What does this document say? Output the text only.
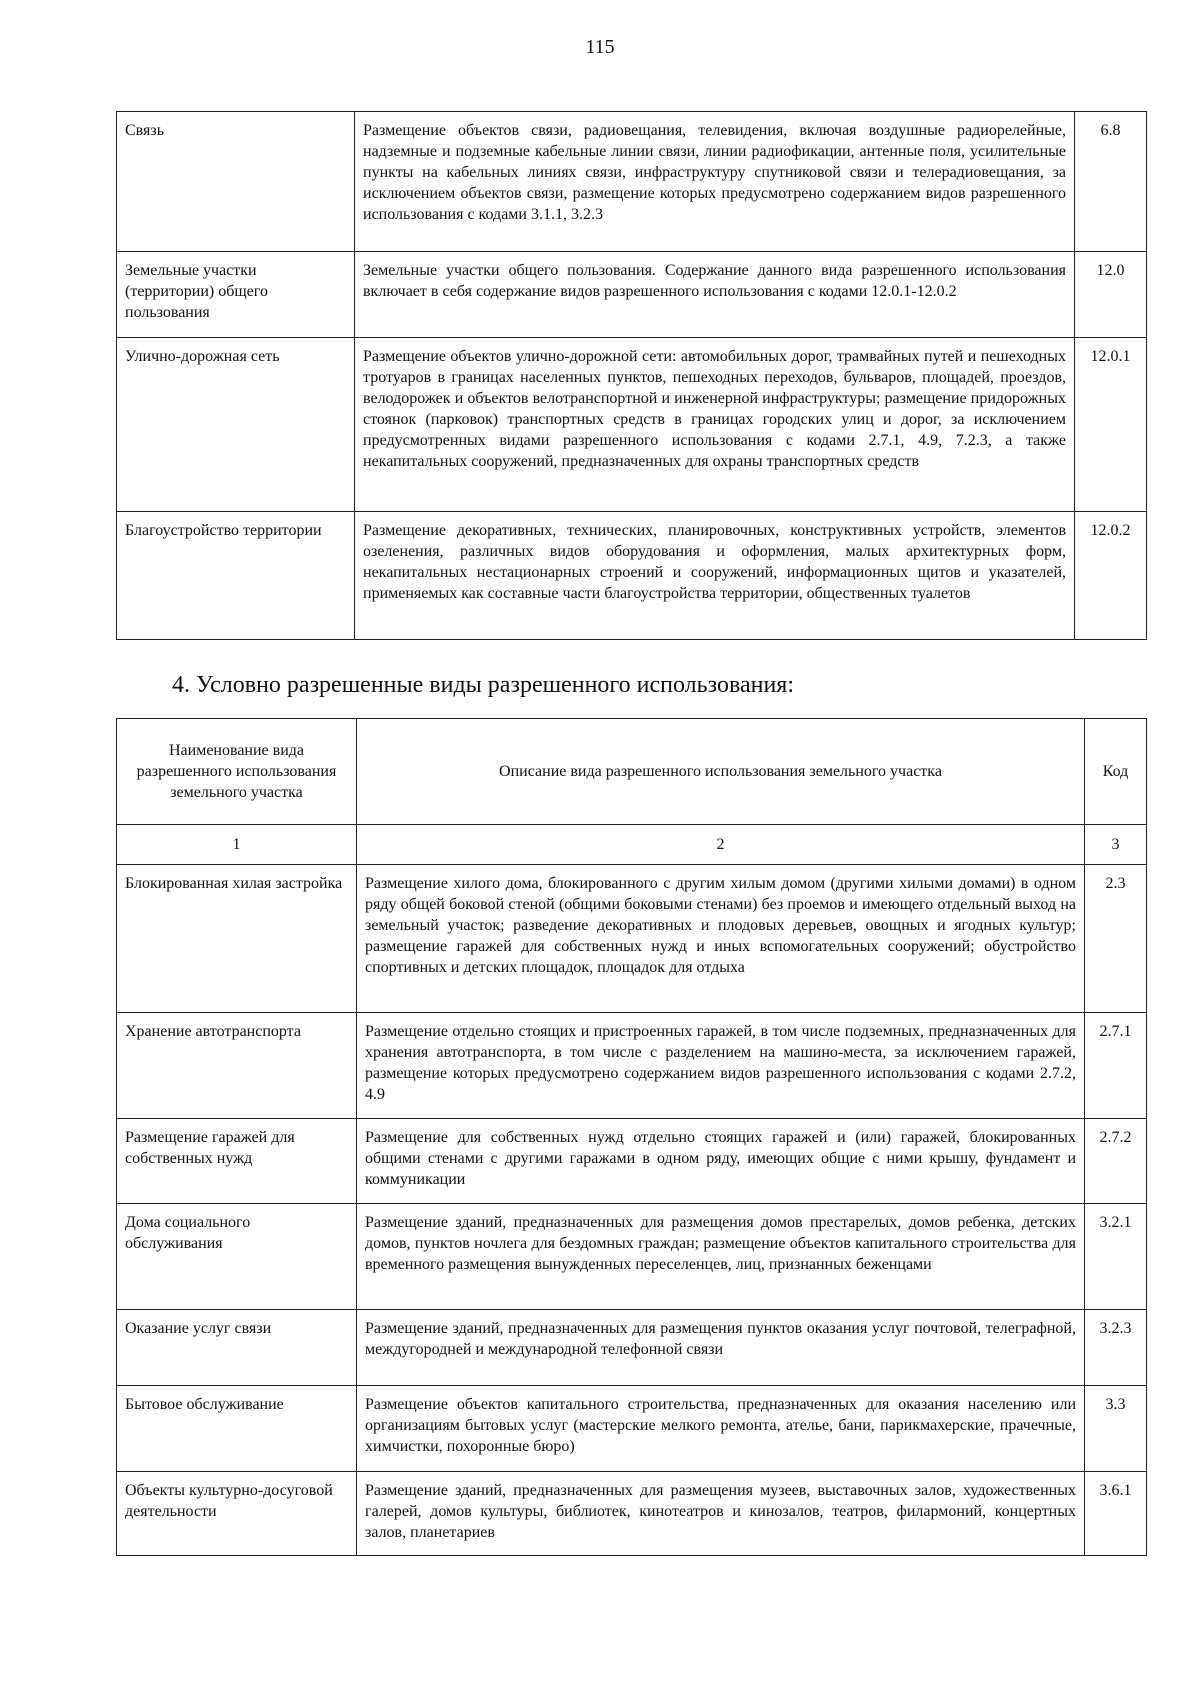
115
Связь	Размещение объектов связи, радиовещания, телевидения, включая воздушные радиорелейные, надземные и подземные кабельные линии связи, линии радиофикации, антенные поля, усилительные пункты на кабельных линиях связи, инфраструктуру спутниковой связи и телерадиовещания, за исключением объектов связи, размещение которых предусмотрено содержанием видов разрешенного использования с кодами 3.1.1, 3.2.3	6.8
Земельные участки (территории) общего пользования	Земельные участки общего пользования. Содержание данного вида разрешенного использования включает в себя содержание видов разрешенного использования с кодами 12.0.1-12.0.2	12.0
Улично-дорожная сеть	Размещение объектов улично-дорожной сети: автомобильных дорог, трамвайных путей и пешеходных тротуаров в границах населенных пунктов, пешеходных переходов, бульваров, площадей, проездов, велодорожек и объектов велотранспортной и инженерной инфраструктуры; размещение придорожных стоянок (парковок) транспортных средств в границах городских улиц и дорог, за исключением предусмотренных видами разрешенного использования с кодами 2.7.1, 4.9, 7.2.3, а также некапитальных сооружений, предназначенных для охраны транспортных средств	12.0.1
Благоустройство территории	Размещение декоративных, технических, планировочных, конструктивных устройств, элементов озеленения, различных видов оборудования и оформления, малых архитектурных форм, некапитальных нестационарных строений и сооружений, информационных щитов и указателей, применяемых как составные части благоустройства территории, общественных туалетов	12.0.2
4. Условно разрешенные виды разрешенного использования:
Наименование вида разрешенного использования земельного участка	Описание вида разрешенного использования земельного участка	Код
1	2	3
Блокированная хилая застройка	Размещение хилого дома, блокированного с другим хилым домом (другими хилыми домами) в одном ряду общей боковой стеной (общими боковыми стенами) без проемов и имеющего отдельный выход на земельный участок; разведение декоративных и плодовых деревьев, овощных и ягодных культур; размещение гаражей для собственных нужд и иных вспомогательных сооружений; обустройство спортивных и детских площадок, площадок для отдыха	2.3
Хранение автотранспорта	Размещение отдельно стоящих и пристроенных гаражей, в том числе подземных, предназначенных для хранения автотранспорта, в том числе с разделением на машино-места, за исключением гаражей, размещение которых предусмотрено содержанием видов разрешенного использования с кодами 2.7.2, 4.9	2.7.1
Размещение гаражей для собственных нужд	Размещение для собственных нужд отдельно стоящих гаражей и (или) гаражей, блокированных общими стенами с другими гаражами в одном ряду, имеющих общие с ними крышу, фундамент и коммуникации	2.7.2
Дома социального обслуживания	Размещение зданий, предназначенных для размещения домов престарелых, домов ребенка, детских домов, пунктов ночлега для бездомных граждан; размещение объектов капитального строительства для временного размещения вынужденных переселенцев, лиц, признанных беженцами	3.2.1
Оказание услуг связи	Размещение зданий, предназначенных для размещения пунктов оказания услуг почтовой, телеграфной, междугородней и международной телефонной связи	3.2.3
Бытовое обслуживание	Размещение объектов капитального строительства, предназначенных для оказания населению или организациям бытовых услуг (мастерские мелкого ремонта, ателье, бани, парикмахерские, прачечные, химчистки, похоронные бюро)	3.3
Объекты культурно-досуговой деятельности	Размещение зданий, предназначенных для размещения музеев, выставочных залов, художественных галерей, домов культуры, библиотек, кинотеатров и кинозалов, театров, филармоний, концертных залов, планетариев	3.6.1
